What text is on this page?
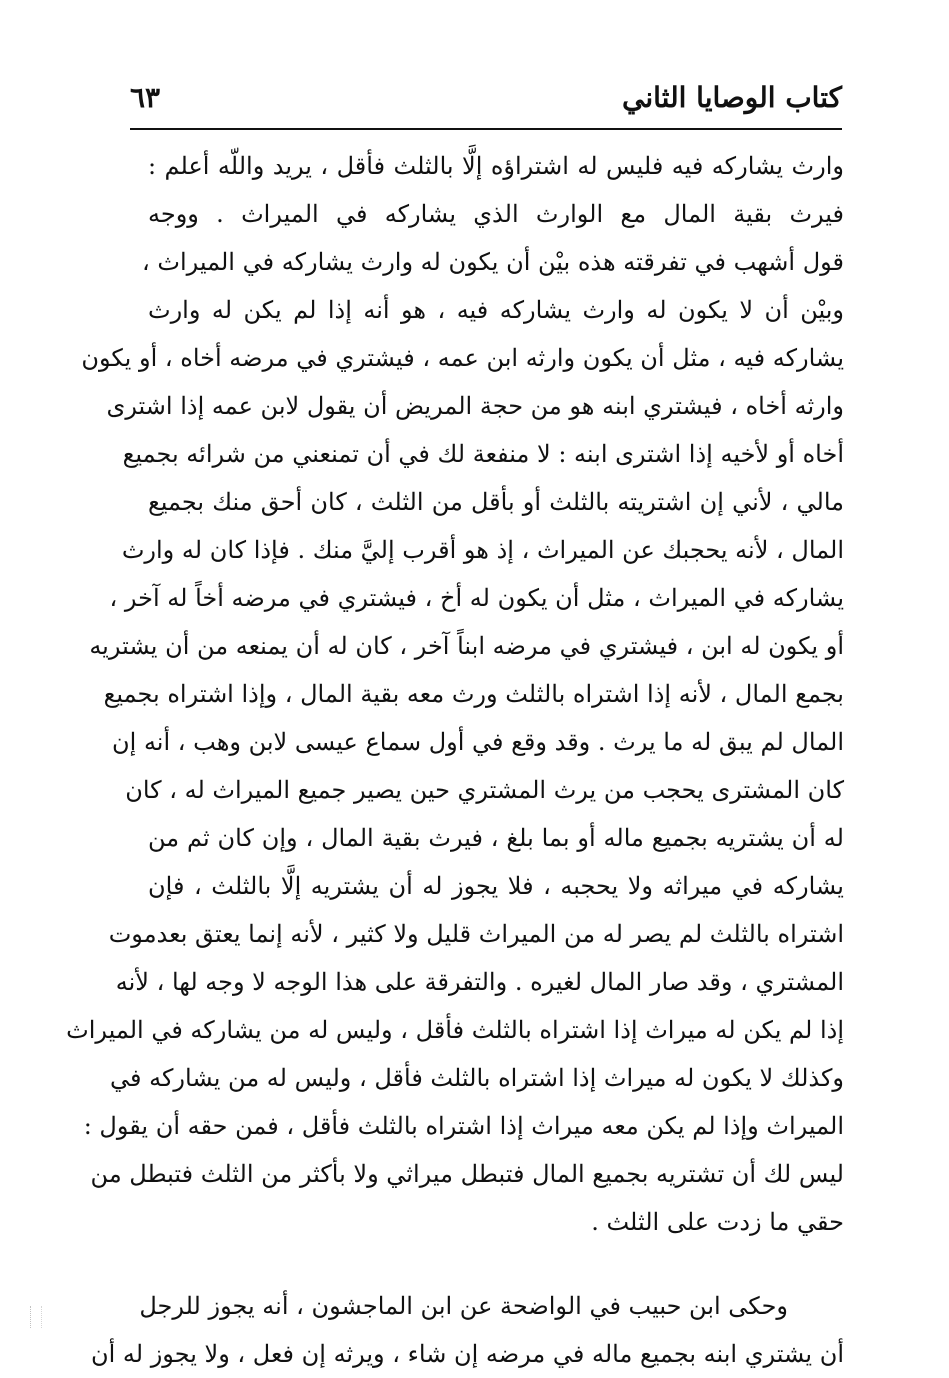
كتاب الوصايا الثاني
٦٣
وارث يشاركه فيه فليس له اشتراؤه إلَّا بالثلث فأقل ، يريد واللّه أعلم :
فيرث بقية المال مع الوارث الذي يشاركه في الميراث . ووجه
قول أشهب في تفرقته هذه بيْن أن يكون له وارث يشاركه في الميراث ،
وبيْن أن لا يكون له وارث يشاركه فيه ، هو أنه إذا لم يكن له وارث
يشاركه فيه ، مثل أن يكون وارثه ابن عمه ، فيشتري في مرضه أخاه ، أو يكون
وارثه أخاه ، فيشتري ابنه هو من حجة المريض أن يقول لابن عمه إذا اشترى
أخاه أو لأخيه إذا اشترى ابنه : لا منفعة لك في أن تمنعني من شرائه بجميع
مالي ، لأني إن اشتريته بالثلث أو بأقل من الثلث ، كان أحق منك بجميع
المال ، لأنه يحجبك عن الميراث ، إذ هو أقرب إليَّ منك . فإذا كان له وارث
يشاركه في الميراث ، مثل أن يكون له أخ ، فيشتري في مرضه أخاً له آخر ،
أو يكون له ابن ، فيشتري في مرضه ابناً آخر ، كان له أن يمنعه من أن يشتريه
بجمع المال ، لأنه إذا اشتراه بالثلث ورث معه بقية المال ، وإذا اشتراه بجميع
المال لم يبق له ما يرث . وقد وقع في أول سماع عيسى لابن وهب ، أنه إن
كان المشترى يحجب من يرث المشتري حين يصير جميع الميراث له ، كان
له أن يشتريه بجميع ماله أو بما بلغ ، فيرث بقية المال ، وإن كان ثم من
يشاركه في ميراثه ولا يحجبه ، فلا يجوز له أن يشتريه إلَّا بالثلث ، فإن
اشتراه بالثلث لم يصر له من الميراث قليل ولا كثير ، لأنه إنما يعتق بعدموت
المشتري ، وقد صار المال لغيره . والتفرقة على هذا الوجه لا وجه لها ، لأنه
إذا لم يكن له ميراث إذا اشتراه بالثلث فأقل ، وليس له من يشاركه في الميراث
وكذلك لا يكون له ميراث إذا اشتراه بالثلث فأقل ، وليس له من يشاركه في
الميراث وإذا لم يكن معه ميراث إذا اشتراه بالثلث فأقل ، فمن حقه أن يقول :
ليس لك أن تشتريه بجميع المال فتبطل ميراثي ولا بأكثر من الثلث فتبطل من
حقي ما زدت على الثلث .
وحكى ابن حبيب في الواضحة عن ابن الماجشون ، أنه يجوز للرجل
أن يشتري ابنه بجميع ماله في مرضه إن شاء ، ويرثه إن فعل ، ولا يجوز له أن
